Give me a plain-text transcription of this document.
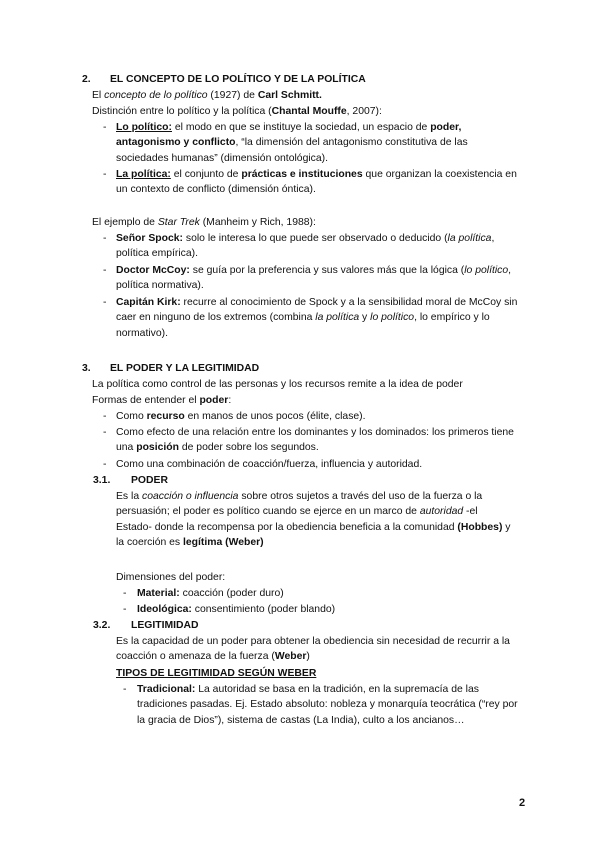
2. EL CONCEPTO DE LO POLÍTICO Y DE LA POLÍTICA
El concepto de lo político (1927) de Carl Schmitt.
Distinción entre lo político y la política (Chantal Mouffe, 2007):
- Lo político: el modo en que se instituye la sociedad, un espacio de poder, antagonismo y conflicto, “la dimensión del antagonismo constitutiva de las sociedades humanas” (dimensión ontológica).
- La política: el conjunto de prácticas e instituciones que organizan la coexistencia en un contexto de conflicto (dimensión óntica).
El ejemplo de Star Trek (Manheim y Rich, 1988):
- Señor Spock: solo le interesa lo que puede ser observado o deducido (la política, política empírica).
- Doctor McCoy: se guía por la preferencia y sus valores más que la lógica (lo político, política normativa).
- Capitán Kirk: recurre al conocimiento de Spock y a la sensibilidad moral de McCoy sin caer en ninguno de los extremos (combina la política y lo político, lo empírico y lo normativo).
3. EL PODER Y LA LEGITIMIDAD
La política como control de las personas y los recursos remite a la idea de poder
Formas de entender el poder:
- Como recurso en manos de unos pocos (élite, clase).
- Como efecto de una relación entre los dominantes y los dominados: los primeros tiene una posición de poder sobre los segundos.
- Como una combinación de coacción/fuerza, influencia y autoridad.
3.1. PODER
Es la coacción o influencia sobre otros sujetos a través del uso de la fuerza o la persuasión; el poder es político cuando se ejerce en un marco de autoridad -el Estado- donde la recompensa por la obediencia beneficia a la comunidad (Hobbes) y la coerción es legítima (Weber)
Dimensiones del poder:
- Material: coacción (poder duro)
- Ideológica: consentimiento (poder blando)
3.2. LEGITIMIDAD
Es la capacidad de un poder para obtener la obediencia sin necesidad de recurrir a la coacción o amenaza de la fuerza (Weber)
TIPOS DE LEGITIMIDAD SEGÚN WEBER
- Tradicional: La autoridad se basa en la tradición, en la supremacía de las tradiciones pasadas. Ej. Estado absoluto: nobleza y monarquía teocrática (“rey por la gracia de Dios”), sistema de castas (La India), culto a los ancianos…
2
